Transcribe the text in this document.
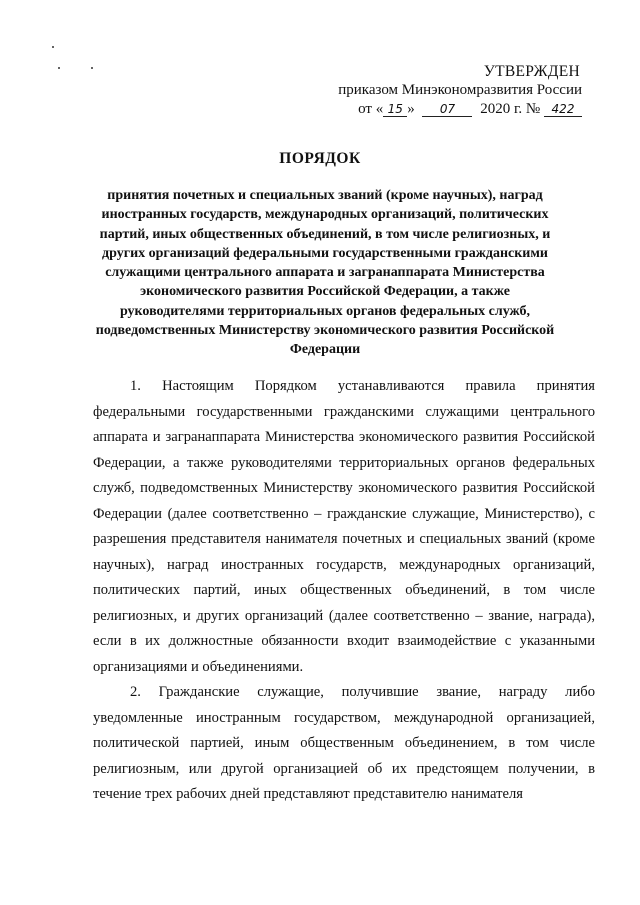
УТВЕРЖДЕН
приказом Минэкономразвития России
от « 15 » 07 2020 г. № 422
ПОРЯДОК
принятия почетных и специальных званий (кроме научных), наград иностранных государств, международных организаций, политических партий, иных общественных объединений, в том числе религиозных, и других организаций федеральными государственными гражданскими служащими центрального аппарата и загранаппарата Министерства экономического развития Российской Федерации, а также руководителями территориальных органов федеральных служб, подведомственных Министерству экономического развития Российской Федерации

1. Настоящим Порядком устанавливаются правила принятия федеральными государственными гражданскими служащими центрального аппарата и загранаппарата Министерства экономического развития Российской Федерации, а также руководителями территориальных органов федеральных служб, подведомственных Министерству экономического развития Российской Федерации (далее соответственно – гражданские служащие, Министерство), с разрешения представителя нанимателя почетных и специальных званий (кроме научных), наград иностранных государств, международных организаций, политических партий, иных общественных объединений, в том числе религиозных, и других организаций (далее соответственно – звание, награда), если в их должностные обязанности входит взаимодействие с указанными организациями и объединениями.

2. Гражданские служащие, получившие звание, награду либо уведомленные иностранным государством, международной организацией, политической партией, иным общественным объединением, в том числе религиозным, или другой организацией об их предстоящем получении, в течение трех рабочих дней представляют представителю нанимателя
